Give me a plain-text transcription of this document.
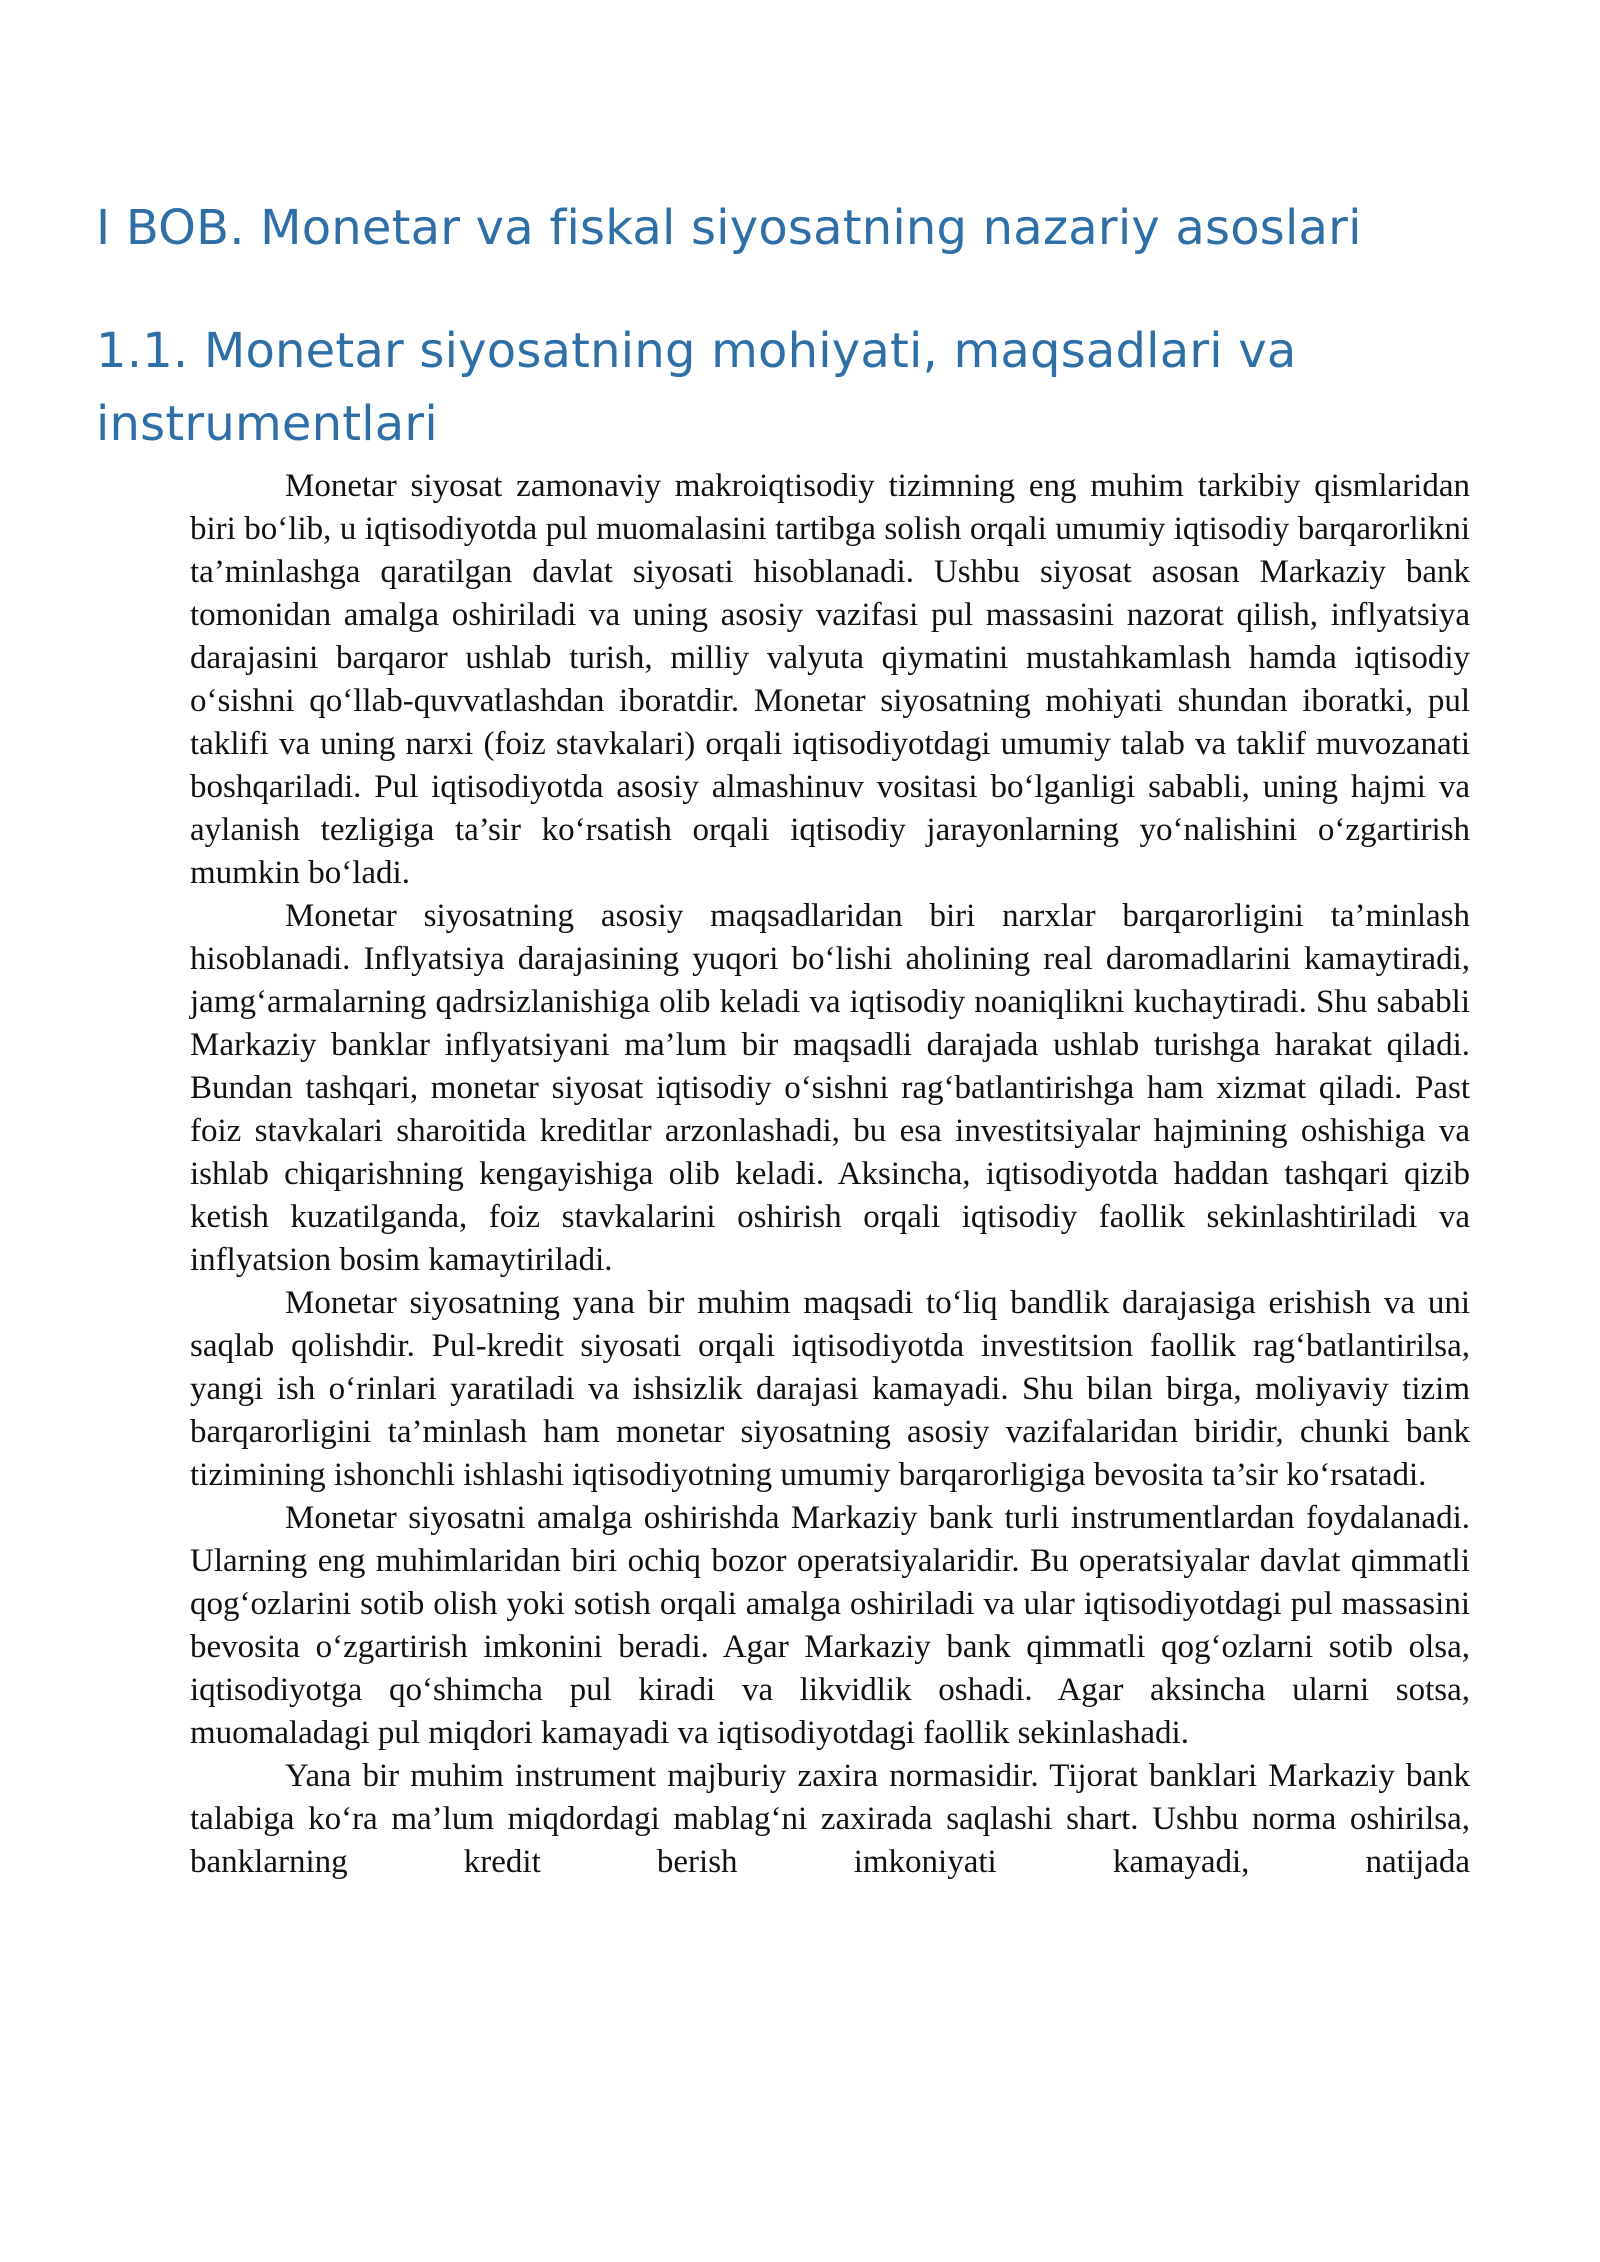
I BOB. Monetar va fiskal siyosatning nazariy asoslari
1.1. Monetar siyosatning mohiyati, maqsadlari va instrumentlari

Monetar siyosat zamonaviy makroiqtisodiy tizimning eng muhim tarkibiy qismlaridan biri bo‘lib, u iqtisodiyotda pul muomalasini tartibga solish orqali umumiy iqtisodiy barqarorlikni ta’minlashga qaratilgan davlat siyosati hisoblanadi. Ushbu siyosat asosan Markaziy bank tomonidan amalga oshiriladi va uning asosiy vazifasi pul massasini nazorat qilish, inflyatsiya darajasini barqaror ushlab turish, milliy valyuta qiymatini mustahkamlash hamda iqtisodiy o‘sishni qo‘llab-quvvatlashdan iboratdir. Monetar siyosatning mohiyati shundan iboratki, pul taklifi va uning narxi (foiz stavkalari) orqali iqtisodiyotdagi umumiy talab va taklif muvozanati boshqariladi. Pul iqtisodiyotda asosiy almashinuv vositasi bo‘lganligi sababli, uning hajmi va aylanish tezligiga ta’sir ko‘rsatish orqali iqtisodiy jarayonlarning yo‘nalishini o‘zgartirish mumkin bo‘ladi.

Monetar siyosatning asosiy maqsadlaridan biri narxlar barqarorligini ta’minlash hisoblanadi. Inflyatsiya darajasining yuqori bo‘lishi aholining real daromadlarini kamaytiradi, jamg‘armalarning qadrsizlanishiga olib keladi va iqtisodiy noaniqlikni kuchaytiradi. Shu sababli Markaziy banklar inflyatsiyani ma’lum bir maqsadli darajada ushlab turishga harakat qiladi. Bundan tashqari, monetar siyosat iqtisodiy o‘sishni rag‘batlantirishga ham xizmat qiladi. Past foiz stavkalari sharoitida kreditlar arzonlashadi, bu esa investitsiyalar hajmining oshishiga va ishlab chiqarishning kengayishiga olib keladi. Aksincha, iqtisodiyotda haddan tashqari qizib ketish kuzatilganda, foiz stavkalarini oshirish orqali iqtisodiy faollik sekinlashtiriladi va inflyatsion bosim kamaytiriladi.

Monetar siyosatning yana bir muhim maqsadi to‘liq bandlik darajasiga erishish va uni saqlab qolishdir. Pul-kredit siyosati orqali iqtisodiyotda investitsion faollik rag‘batlantirilsa, yangi ish o‘rinlari yaratiladi va ishsizlik darajasi kamayadi. Shu bilan birga, moliyaviy tizim barqarorligini ta’minlash ham monetar siyosatning asosiy vazifalaridan biridir, chunki bank tizimining ishonchli ishlashi iqtisodiyotning umumiy barqarorligiga bevosita ta’sir ko‘rsatadi.

Monetar siyosatni amalga oshirishda Markaziy bank turli instrumentlardan foydalanadi. Ularning eng muhimlaridan biri ochiq bozor operatsiyalaridir. Bu operatsiyalar davlat qimmatli qog‘ozlarini sotib olish yoki sotish orqali amalga oshiriladi va ular iqtisodiyotdagi pul massasini bevosita o‘zgartirish imkonini beradi. Agar Markaziy bank qimmatli qog‘ozlarni sotib olsa, iqtisodiyotga qo‘shimcha pul kiradi va likvidlik oshadi. Agar aksincha ularni sotsa, muomaladagi pul miqdori kamayadi va iqtisodiyotdagi faollik sekinlashadi.

Yana bir muhim instrument majburiy zaxira normasidir. Tijorat banklari Markaziy bank talabiga ko‘ra ma’lum miqdordagi mablag‘ni zaxirada saqlashi shart. Ushbu norma oshirilsa, banklarning kredit berish imkoniyati kamayadi, natijada
